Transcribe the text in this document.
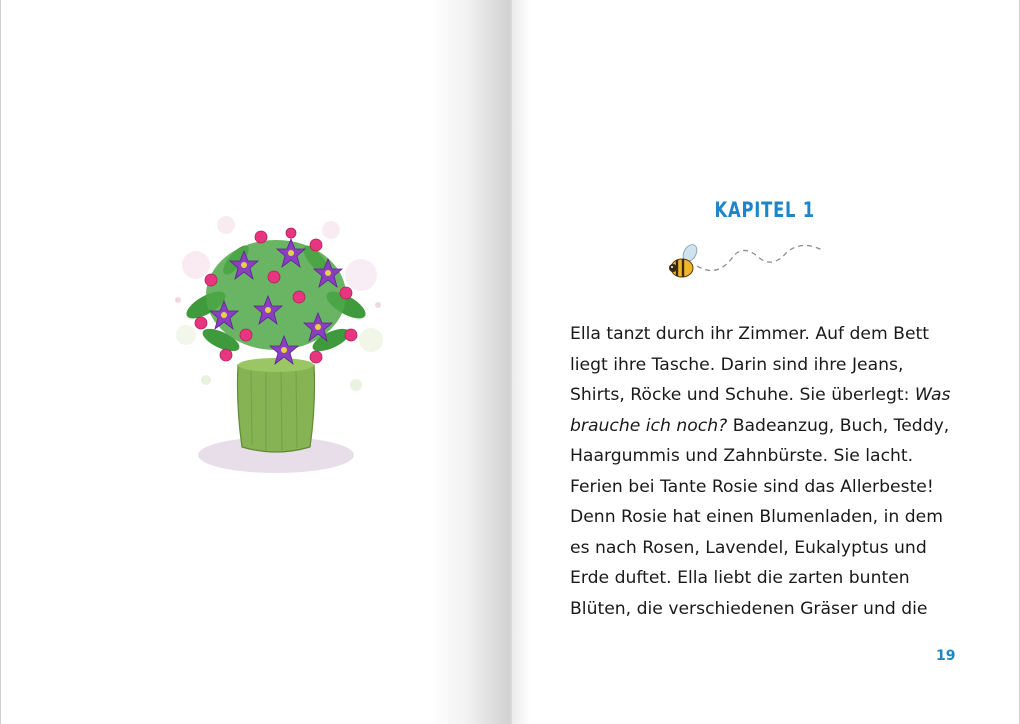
KAPITEL 1

Ella tanzt durch ihr Zimmer. Auf dem Bett
liegt ihre Tasche. Darin sind ihre Jeans,
Shirts, Röcke und Schuhe. Sie überlegt: Was
brauche ich noch? Badeanzug, Buch, Teddy,
Haargummis und Zahnbürste. Sie lacht.
Ferien bei Tante Rosie sind das Allerbeste!
Denn Rosie hat einen Blumenladen, in dem
es nach Rosen, Lavendel, Eukalyptus und
Erde duftet. Ella liebt die zarten bunten
Blüten, die verschiedenen Gräser und die

19
